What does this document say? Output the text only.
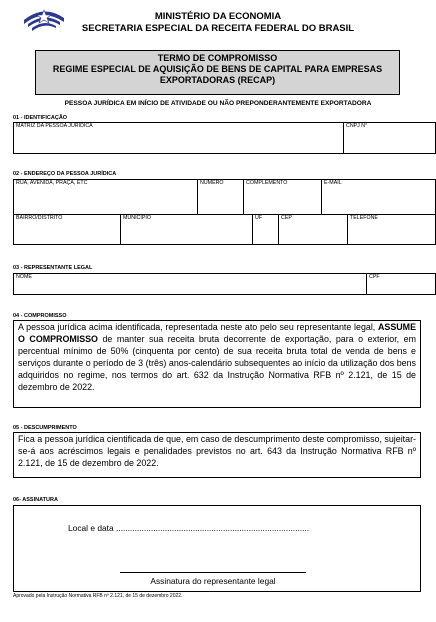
MINISTÉRIO DA ECONOMIA
SECRETARIA ESPECIAL DA RECEITA FEDERAL DO BRASIL
TERMO DE COMPROMISSO
REGIME ESPECIAL DE AQUISIÇÃO DE BENS DE CAPITAL PARA EMPRESAS
EXPORTADORAS (RECAP)
PESSOA JURÍDICA EM INÍCIO DE ATIVIDADE OU NÃO PREPONDERANTEMENTE EXPORTADORA
01 - IDENTIFICAÇÃO
MATRIZ DA PESSOA JURÍDICA	CNPJ N°
02 - ENDEREÇO DA PESSOA JURÍDICA
RUA, AVENIDA, PRAÇA, ETC	NÚMERO	COMPLEMENTO	E-MAIL
BAIRRO/DISTRITO	MUNICÍPIO	UF	CEP	TELEFONE
03 - REPRESENTANTE LEGAL
NOME	CPF
04 - COMPROMISSO
A pessoa jurídica acima identificada, representada neste ato pelo seu representante legal, ASSUME O COMPROMISSO de manter sua receita bruta decorrente de exportação, para o exterior, em percentual mínimo de 50% (cinquenta por cento) de sua receita bruta total de venda de bens e serviços durante o período de 3 (três) anos-calendário subsequentes ao início da utilização dos bens adquiridos no regime, nos termos do art. 632 da Instrução Normativa RFB nº 2.121, de 15 de dezembro de 2022.
05 - DESCUMPRIMENTO
Fica a pessoa jurídica cientificada de que, em caso de descumprimento deste compromisso, sujeitar-se-á aos acréscimos legais e penalidades previstos no art. 643 da Instrução Normativa RFB nº 2.121, de 15 de dezembro de 2022.
06- ASSINATURA
Local e data ...................................................................................
Assinatura do representante legal
Aprovado pela Instrução Normativa RFB nº 2.121, de 15 de dezembro 2022.
